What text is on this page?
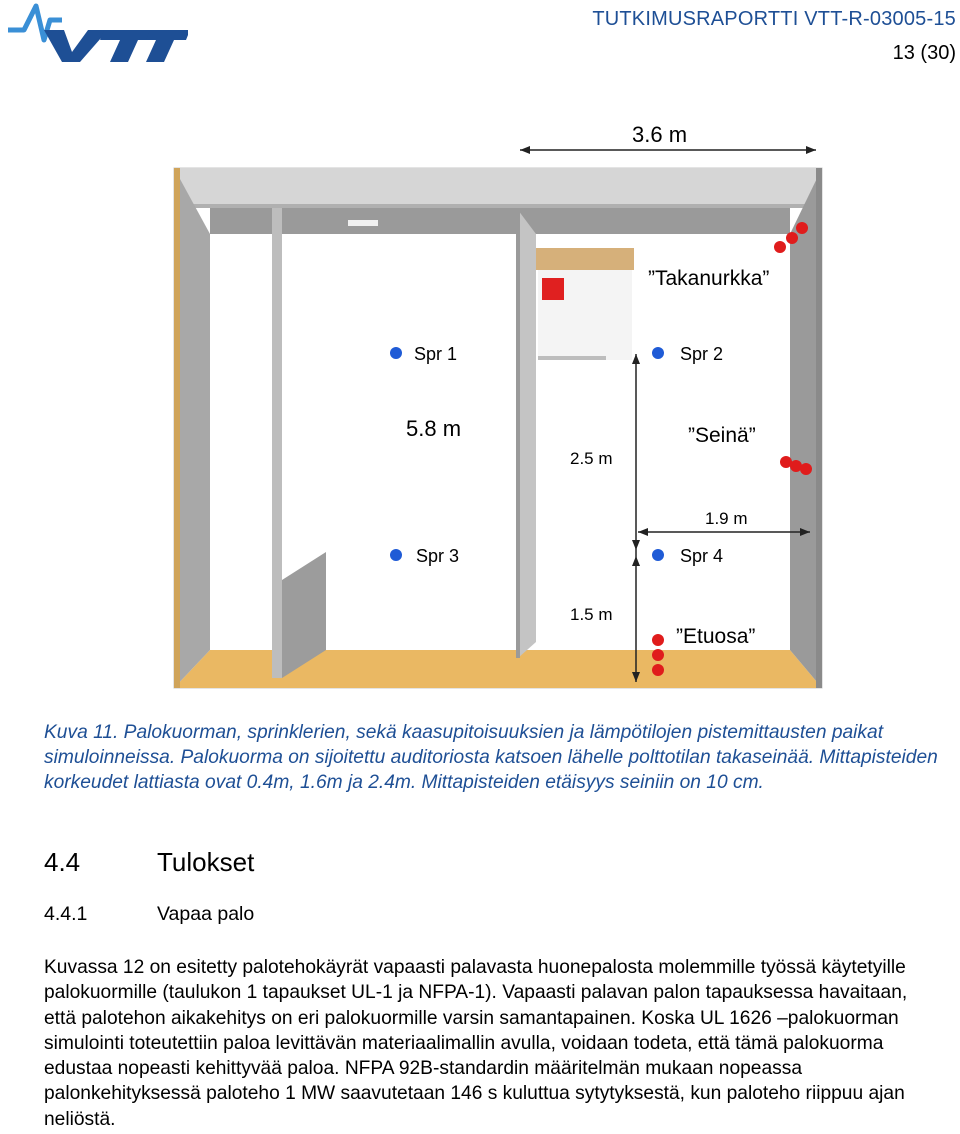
TUTKIMUSRAPORTTI VTT-R-03005-15
13 (30)
3.6 m
2.5 m
1.5 m
1.9 m
5.8 m
Spr 1	Spr 2
Spr 3	Spr 4
”Takanurkka”
”Seinä”
”Etuosa”
Kuva 11. Palokuorman, sprinklerien, sekä kaasupitoisuuksien ja lämpötilojen pistemittausten paikat simuloinneissa. Palokuorma on sijoitettu auditoriosta katsoen lähelle polttotilan takaseinää. Mittapisteiden korkeudet lattiasta ovat 0.4m, 1.6m ja 2.4m. Mittapisteiden etäisyys seiniin on 10 cm.
4.4	Tulokset
4.4.1	Vapaa palo

Kuvassa 12 on esitetty palotehokäyrät vapaasti palavasta huonepalosta molemmille työssä käytetyille palokuormille (taulukon 1 tapaukset UL-1 ja NFPA-1). Vapaasti palavan palon tapauksessa havaitaan, että palotehon aikakehitys on eri palokuormille varsin samantapainen. Koska UL 1626 –palokuorman simulointi toteutettiin paloa levittävän materiaalimallin avulla, voidaan todeta, että tämä palokuorma edustaa nopeasti kehittyvää paloa. NFPA 92B-standardin määritelmän mukaan nopeassa palonkehityksessä paloteho 1 MW saavutetaan 146 s kuluttua sytytyksestä, kun paloteho riippuu ajan neliöstä.
